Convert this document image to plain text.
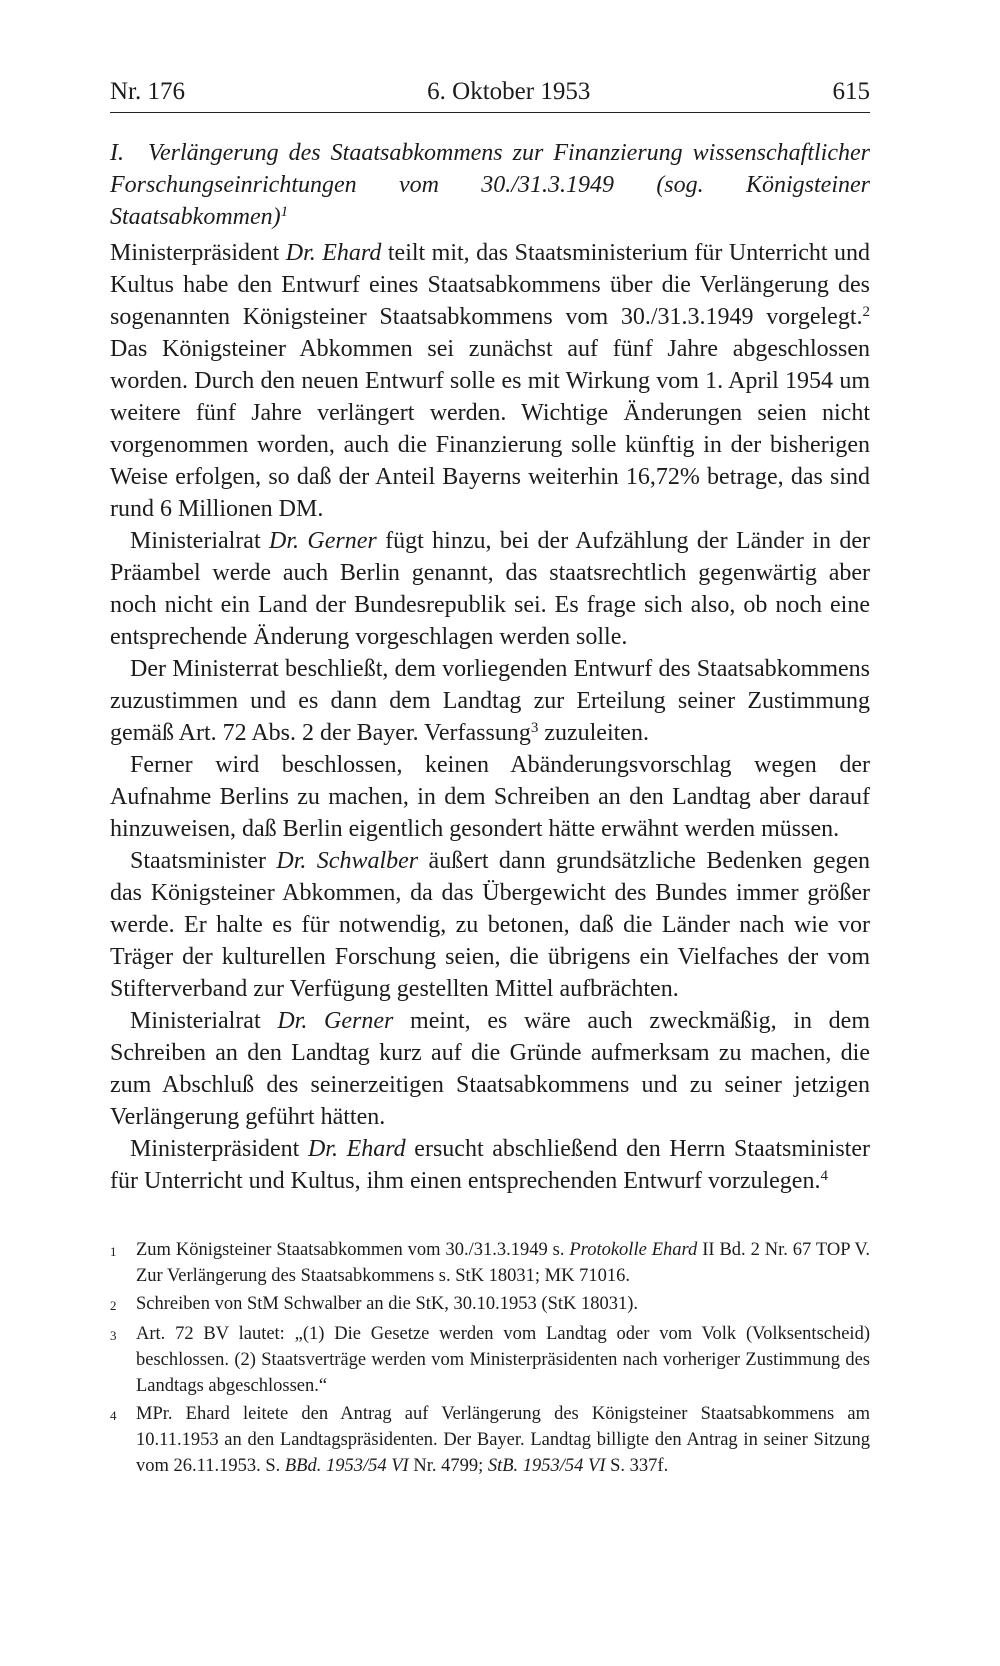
Nr. 176	6. Oktober 1953	615
I. Verlängerung des Staatsabkommens zur Finanzierung wissenschaftlicher Forschungseinrichtungen vom 30./31.3.1949 (sog. Königsteiner Staatsabkommen)$^1$

Ministerpräsident Dr. Ehard teilt mit, das Staatsministerium für Unterricht und Kultus habe den Entwurf eines Staatsabkommens über die Verlängerung des sogenannten Königsteiner Staatsabkommens vom 30./31.3.1949 vorgelegt.$^2$ Das Königsteiner Abkommen sei zunächst auf fünf Jahre abgeschlossen worden. Durch den neuen Entwurf solle es mit Wirkung vom 1. April 1954 um weitere fünf Jahre verlängert werden. Wichtige Änderungen seien nicht vorgenommen worden, auch die Finanzierung solle künftig in der bisherigen Weise erfolgen, so daß der Anteil Bayerns weiterhin 16,72% betrage, das sind rund 6 Millionen DM.

Ministerialrat Dr. Gerner fügt hinzu, bei der Aufzählung der Länder in der Präambel werde auch Berlin genannt, das staatsrechtlich gegenwärtig aber noch nicht ein Land der Bundesrepublik sei. Es frage sich also, ob noch eine entsprechende Änderung vorgeschlagen werden solle.

Der Ministerrat beschließt, dem vorliegenden Entwurf des Staatsabkommens zuzustimmen und es dann dem Landtag zur Erteilung seiner Zustimmung gemäß Art. 72 Abs. 2 der Bayer. Verfassung$^3$ zuzuleiten.

Ferner wird beschlossen, keinen Abänderungsvorschlag wegen der Aufnahme Berlins zu machen, in dem Schreiben an den Landtag aber darauf hinzuweisen, daß Berlin eigentlich gesondert hätte erwähnt werden müssen.

Staatsminister Dr. Schwalber äußert dann grundsätzliche Bedenken gegen das Königsteiner Abkommen, da das Übergewicht des Bundes immer größer werde. Er halte es für notwendig, zu betonen, daß die Länder nach wie vor Träger der kulturellen Forschung seien, die übrigens ein Vielfaches der vom Stifterverband zur Verfügung gestellten Mittel aufbrächten.

Ministerialrat Dr. Gerner meint, es wäre auch zweckmäßig, in dem Schreiben an den Landtag kurz auf die Gründe aufmerksam zu machen, die zum Abschluß des seinerzeitigen Staatsabkommens und zu seiner jetzigen Verlängerung geführt hätten.

Ministerpräsident Dr. Ehard ersucht abschließend den Herrn Staatsminister für Unterricht und Kultus, ihm einen entsprechenden Entwurf vorzulegen.$^4$

1	Zum Königsteiner Staatsabkommen vom 30./31.3.1949 s. Protokolle Ehard II Bd. 2 Nr. 67 TOP V. Zur Verlängerung des Staatsabkommens s. StK 18031; MK 71016.
2	Schreiben von StM Schwalber an die StK, 30.10.1953 (StK 18031).
3	Art. 72 BV lautet: „(1) Die Gesetze werden vom Landtag oder vom Volk (Volksentscheid) beschlossen. (2) Staatsverträge werden vom Ministerpräsidenten nach vorheriger Zustimmung des Landtags abgeschlossen.“
4	MPr. Ehard leitete den Antrag auf Verlängerung des Königsteiner Staatsabkommens am 10.11.1953 an den Landtagspräsidenten. Der Bayer. Landtag billigte den Antrag in seiner Sitzung vom 26.11.1953. S. BBd. 1953/54 VI Nr. 4799; StB. 1953/54 VI S. 337f.
